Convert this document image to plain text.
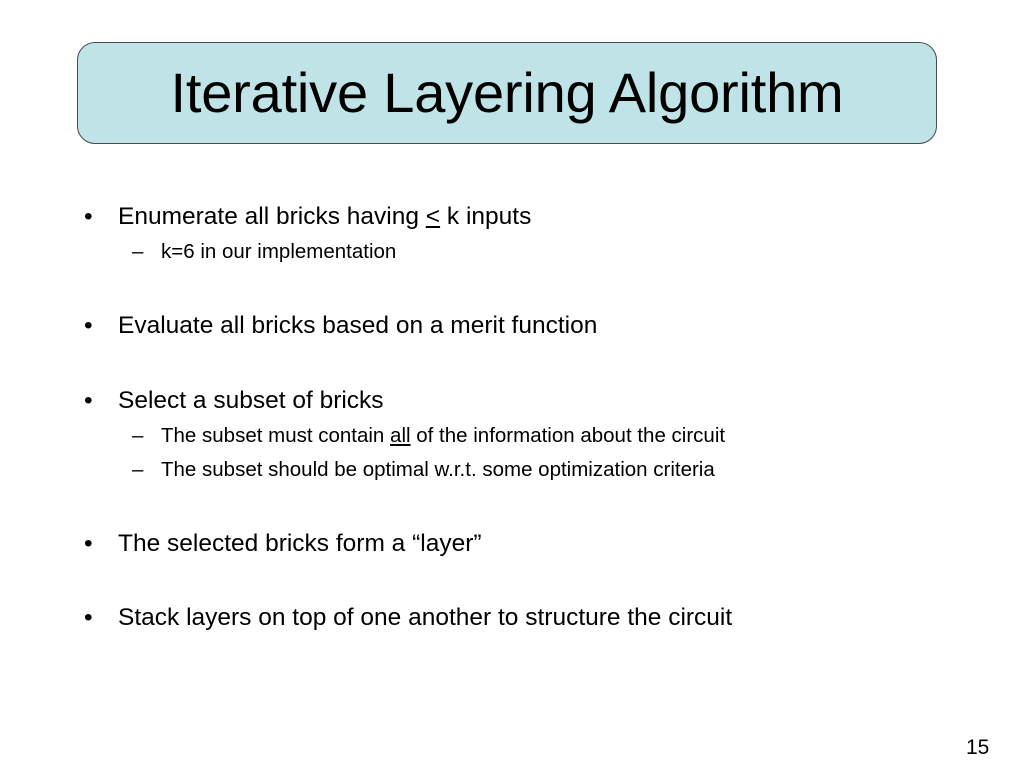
Iterative Layering Algorithm
• Enumerate all bricks having < k inputs
– k=6 in our implementation
• Evaluate all bricks based on a merit function
• Select a subset of bricks
– The subset must contain all of the information about the circuit
– The subset should be optimal w.r.t. some optimization criteria
• The selected bricks form a “layer”
• Stack layers on top of one another to structure the circuit
15
